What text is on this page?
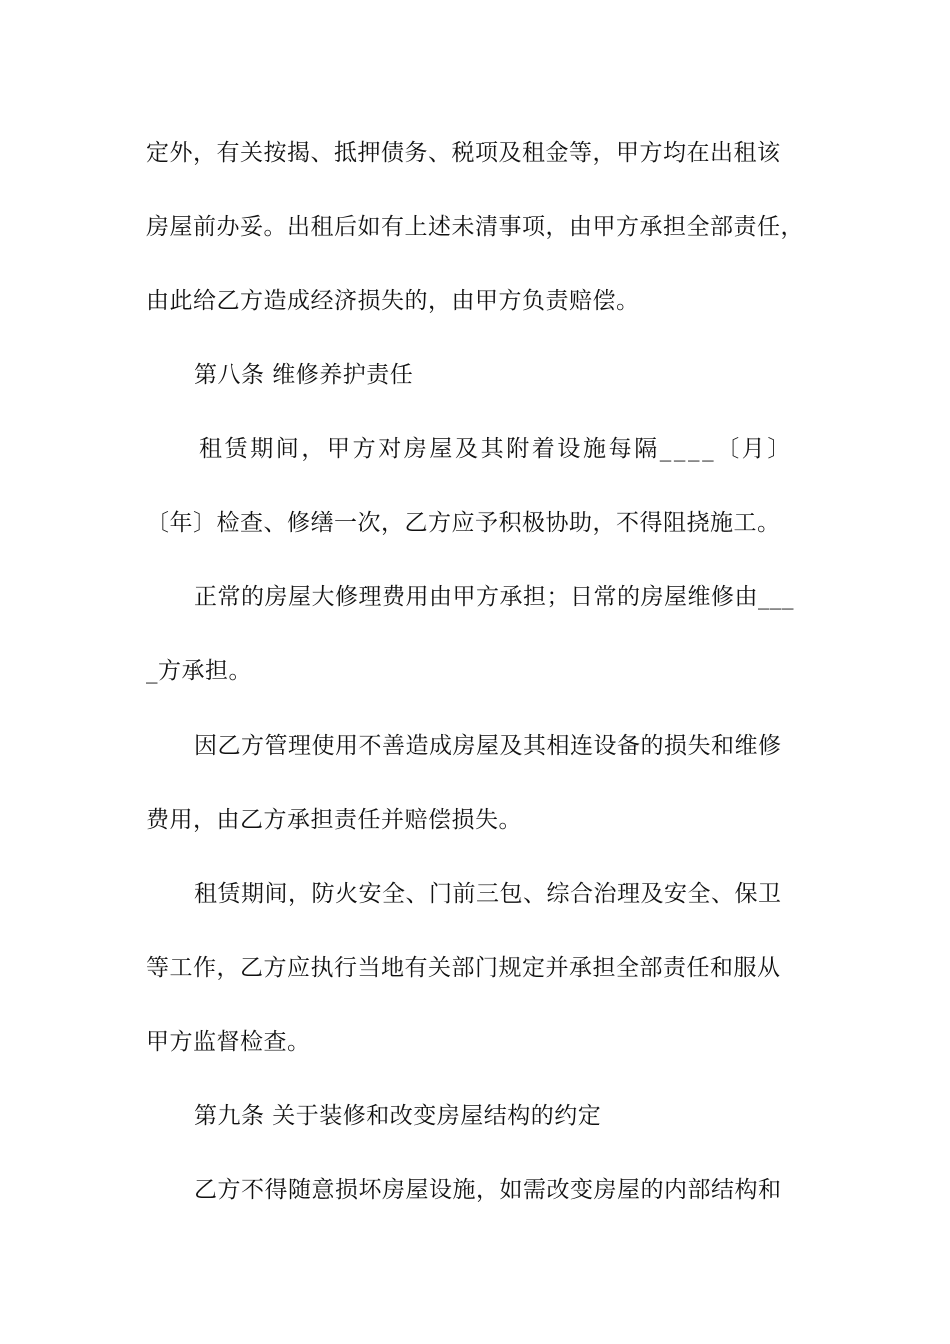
定外，有关按揭、抵押债务、税项及租金等，甲方均在出租该
房屋前办妥。出租后如有上述未清事项，由甲方承担全部责任，
由此给乙方造成经济损失的，由甲方负责赔偿。
第八条 维修养护责任
租赁期间，甲方对房屋及其附着设施每隔____〔月〕
〔年〕检查、修缮一次，乙方应予积极协助，不得阻挠施工。
正常的房屋大修理费用由甲方承担；日常的房屋维修由___
_方承担。
因乙方管理使用不善造成房屋及其相连设备的损失和维修
费用，由乙方承担责任并赔偿损失。
租赁期间，防火安全、门前三包、综合治理及安全、保卫
等工作，乙方应执行当地有关部门规定并承担全部责任和服从
甲方监督检查。
第九条 关于装修和改变房屋结构的约定
乙方不得随意损坏房屋设施，如需改变房屋的内部结构和
